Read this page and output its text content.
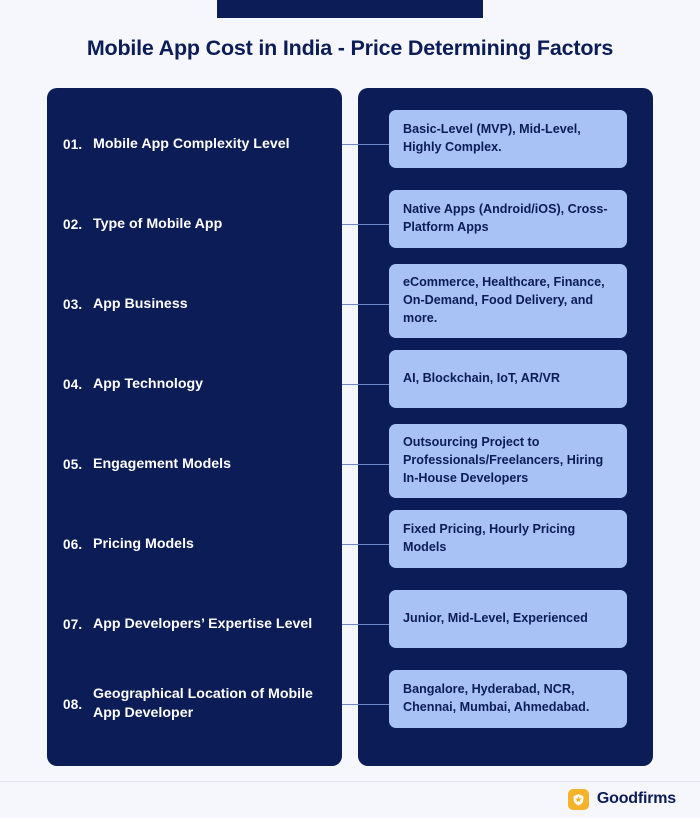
Mobile App Cost in India - Price Determining Factors
01. Mobile App Complexity Level
Basic-Level (MVP), Mid-Level, Highly Complex.
02. Type of Mobile App
Native Apps (Android/iOS), Cross-Platform Apps
03. App Business
eCommerce, Healthcare, Finance, On-Demand, Food Delivery, and more.
04. App Technology	AI, Blockchain, IoT, AR/VR
05. Engagement Models
Outsourcing Project to Professionals/Freelancers, Hiring In-House Developers
06. Pricing Models
Fixed Pricing, Hourly Pricing Models
07. App Developers’ Expertise Level	Junior, Mid-Level, Experienced
08.
Geographical Location of Mobile App Developer
Bangalore, Hyderabad, NCR, Chennai, Mumbai, Ahmedabad.
Goodfirms
